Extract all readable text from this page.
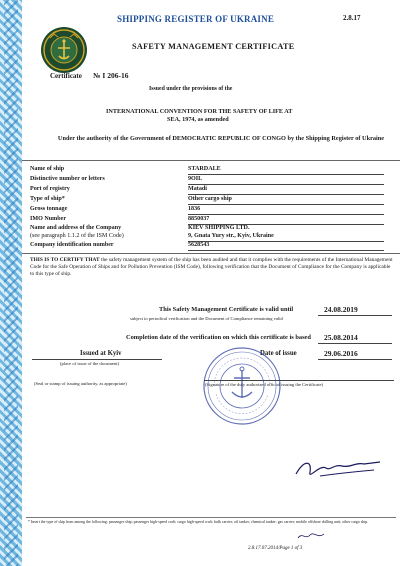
SHIPPING REGISTER OF UKRAINE	2.8.17
SAFETY MANAGEMENT CERTIFICATE
Certificate № I 206-16
Issued under the provisions of the
INTERNATIONAL CONVENTION FOR THE SAFETY OF LIFE AT
SEA, 1974, as amended
Under the authority of the Government of DEMOCRATIC REPUBLIC OF CONGO by the Shipping Register of Ukraine
Name of ship	STARDALE
Distinctive number or letters	9OIL
Port of registry	Matadi
Type of ship*	Other cargo ship
Gross tonnage	1836
IMO Number	8850037
Name and address of the Company	KIEV SHIPPING LTD.
(see paragraph 1.1.2 of the ISM Code)	9, Gnata Yury str., Kyiv, Ukraine
Company identification number	5628543
THIS IS TO CERTIFY THAT the safety management system of the ship has been audited and that it complies with the requirements of the International Management Code for the Safe Operation of Ships and for Pollution Prevention (ISM Code), following verification that the Document of Compliance for the Company is applicable to this type of ship.
This Safety Management Certificate is valid until	24.08.2019
subject to periodical verification and the Document of Compliance remaining valid
Completion date of the verification on which this certificate is based 25.08.2014
Issued at Kyiv
(place of issue of the document)
Date of issue	29.06.2016
(Seal or stamp of issuing authority, as appropriate)	(Signature of the duly authorized official issuing the Certificate)
* Insert the type of ship from among the following: passenger ship; passenger high-speed craft; cargo high-speed craft; bulk carrier; oil tanker; chemical tanker; gas carrier; mobile offshore drilling unit; other cargo ship.
2.8.17.07.2014/Page 1 of 3
